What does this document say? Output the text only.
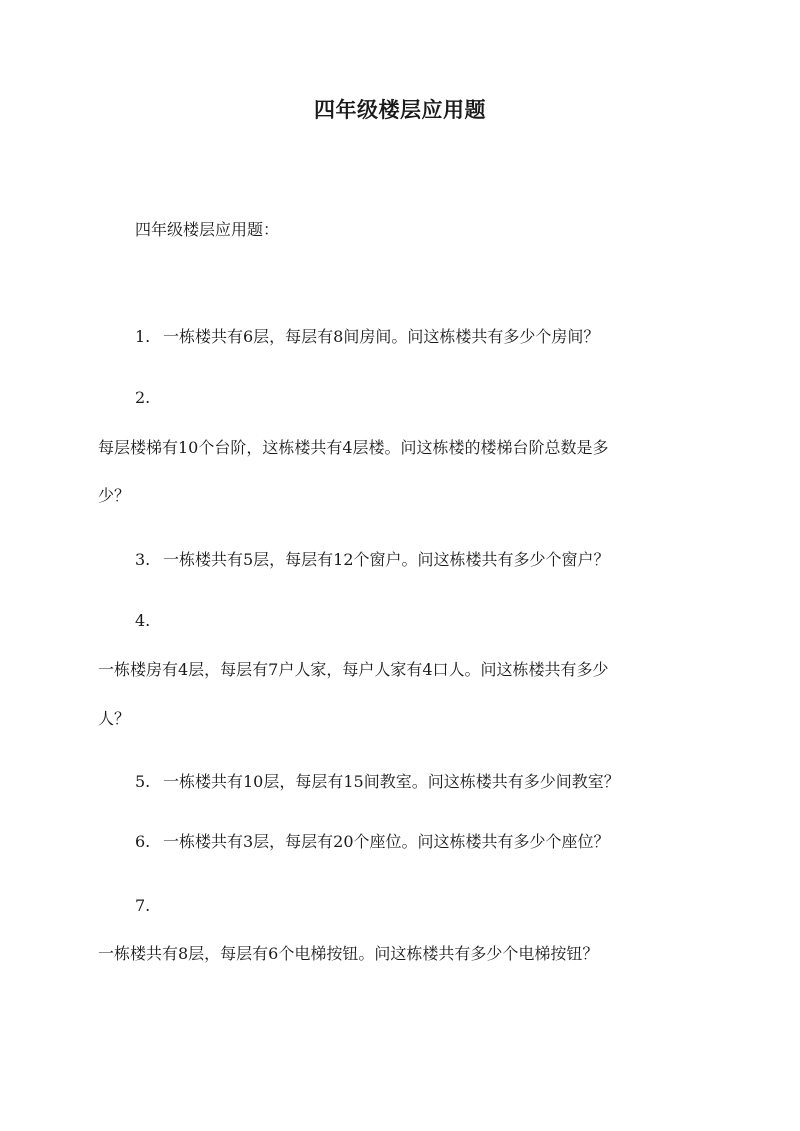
四年级楼层应用题
四年级楼层应用题：
1. 一栋楼共有6层，每层有8间房间。问这栋楼共有多少个房间？
2.
每层楼梯有10个台阶，这栋楼共有4层楼。问这栋楼的楼梯台阶总数是多
少？
3. 一栋楼共有5层，每层有12个窗户。问这栋楼共有多少个窗户？
4.
一栋楼房有4层，每层有7户人家，每户人家有4口人。问这栋楼共有多少
人？
5. 一栋楼共有10层，每层有15间教室。问这栋楼共有多少间教室？
6. 一栋楼共有3层，每层有20个座位。问这栋楼共有多少个座位？
7.
一栋楼共有8层，每层有6个电梯按钮。问这栋楼共有多少个电梯按钮？
